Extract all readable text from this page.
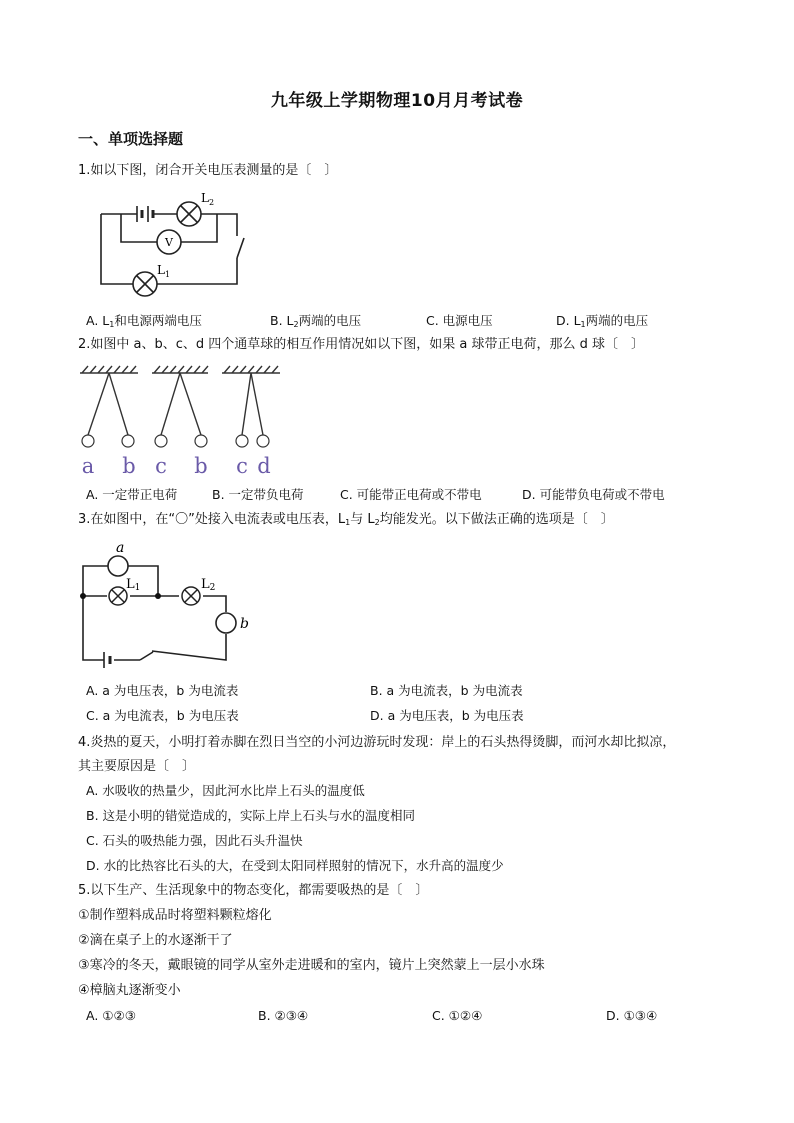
九年级上学期物理10月月考试卷
一、单项选择题
1.如以下图，闭合开关电压表测量的是〔　〕
$L_2$
V
$L_1$
A. $L_1$和电源两端电压	B. $L_2$两端的电压	C. 电源电压	D. $L_1$两端的电压
2.如图中 a、b、c、d 四个通草球的相互作用情况如以下图，如果 a 球带正电荷，那么 d 球〔　〕
a b c b c d
A. 一定带正电荷	B. 一定带负电荷	C. 可能带正电荷或不带电	D. 可能带负电荷或不带电
3.在如图中，在“〇”处接入电流表或电压表，$L_1$与 $L_2$均能发光。以下做法正确的选项是〔　〕
a
L1	L2
b
A. a 为电压表，b 为电流表	B. a 为电流表，b 为电流表
C. a 为电流表，b 为电压表	D. a 为电压表，b 为电压表
4.炎热的夏天，小明打着赤脚在烈日当空的小河边游玩时发现：岸上的石头热得烫脚，而河水却比拟凉，
其主要原因是〔　〕
A. 水吸收的热量少，因此河水比岸上石头的温度低
B. 这是小明的错觉造成的，实际上岸上石头与水的温度相同
C. 石头的吸热能力强，因此石头升温快
D. 水的比热容比石头的大，在受到太阳同样照射的情况下，水升高的温度少
5.以下生产、生活现象中的物态变化，都需要吸热的是〔　〕
①制作塑料成品时将塑料颗粒熔化
②滴在桌子上的水逐渐干了
③寒冷的冬天，戴眼镜的同学从室外走进暖和的室内，镜片上突然蒙上一层小水珠
④樟脑丸逐渐变小
A. ①②③	B. ②③④	C. ①②④	D. ①③④
